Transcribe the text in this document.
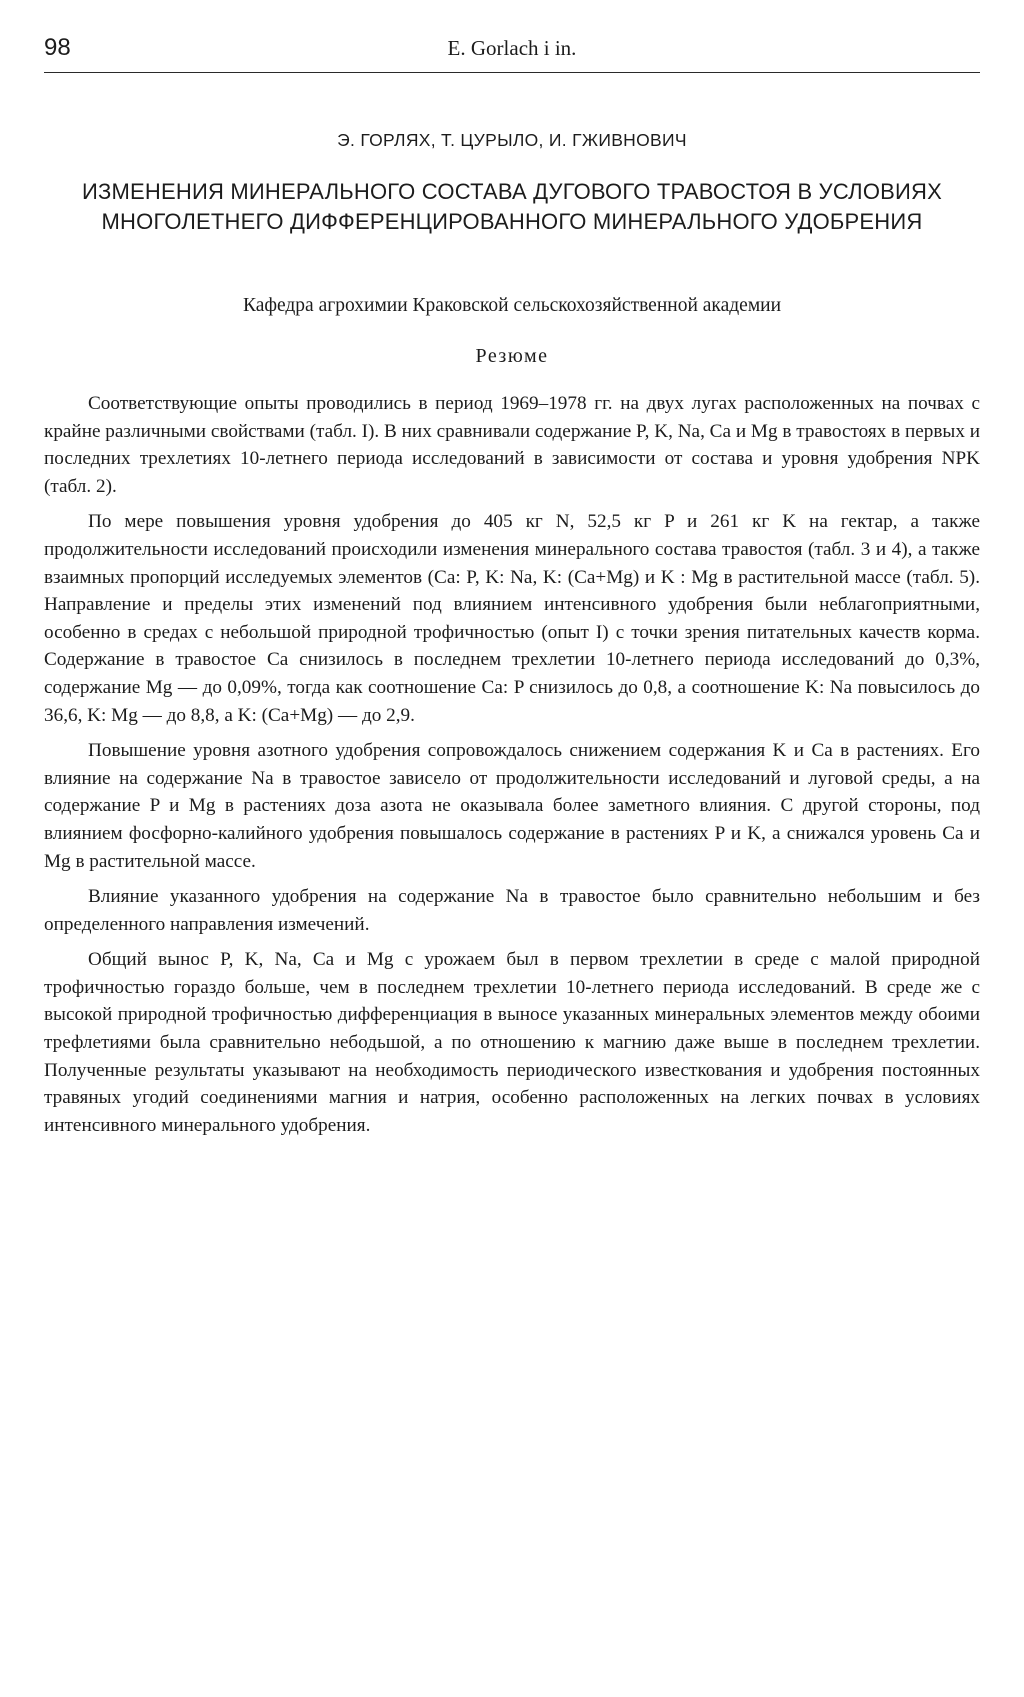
98	E. Gorlach i in.
Э. ГОРЛЯХ, Т. ЦУРЫЛО, И. ГЖИВНОВИЧ
ИЗМЕНЕНИЯ МИНЕРАЛЬНОГО СОСТАВА ДУГОВОГО ТРАВОСТОЯ В УСЛОВИЯХ
МНОГОЛЕТНЕГО ДИФФЕРЕНЦИРОВАННОГО МИНЕРАЛЬНОГО УДОБРЕНИЯ
Кафедра агрохимии Краковской сельскохозяйственной академии
Резюме

Соответствующие опыты проводились в период 1969–1978 гг. на двух лугах расположенных на почвах с крайне различными свойствами (табл. I). В них сравнивали содержание P, K, Na, Ca и Mg в травостоях в первых и последних трехлетиях 10-летнего периода исследований в зависимости от состава и уровня удобрения NPK (табл. 2).

По мере повышения уровня удобрения до 405 кг N, 52,5 кг P и 261 кг K на гектар, а также продолжительности исследований происходили изменения минерального состава травостоя (табл. 3 и 4), а также взаимных пропорций исследуемых элементов (Ca: P, K: Na, K: (Ca+Mg) и K : Mg в растительной массе (табл. 5). Направление и пределы этих изменений под влиянием интенсивного удобрения были неблагоприятными, особенно в средах с небольшой природной трофичностью (опыт I) с точки зрения питательных качеств корма. Содержание в травостое Ca снизилось в последнем трехлетии 10-летнего периода исследований до 0,3%, содержание Mg — до 0,09%, тогда как соотношение Ca: P снизилось до 0,8, а соотношение K: Na повысилось до 36,6, K: Mg — до 8,8, а K: (Ca+Mg) — до 2,9.

Повышение уровня азотного удобрения сопровождалось снижением содержания K и Ca в растениях. Его влияние на содержание Na в травостое зависело от продолжительности исследований и луговой среды, а на содержание P и Mg в растениях доза азота не оказывала более заметного влияния. С другой стороны, под влиянием фосфорно-калийного удобрения повышалось содержание в растениях P и K, а снижался уровень Ca и Mg в растительной массе.

Влияние указанного удобрения на содержание Na в травостое было сравнительно небольшим и без определенного направления измечений.

Общий вынос P, K, Na, Ca и Mg с урожаем был в первом трехлетии в среде с малой природной трофичностью гораздо больше, чем в последнем трехлетии 10-летнего периода исследований. В среде же с высокой природной трофичностью дифференциация в выносе указанных минеральных элементов между обоими трефлетиями была сравнительно небодьшой, а по отношению к магнию даже выше в последнем трехлетии. Полученные результаты указывают на необходимость периодического известкования и удобрения постоянных травяных угодий соединениями магния и натрия, особенно расположенных на легких почвах в условиях интенсивного минерального удобрения.
